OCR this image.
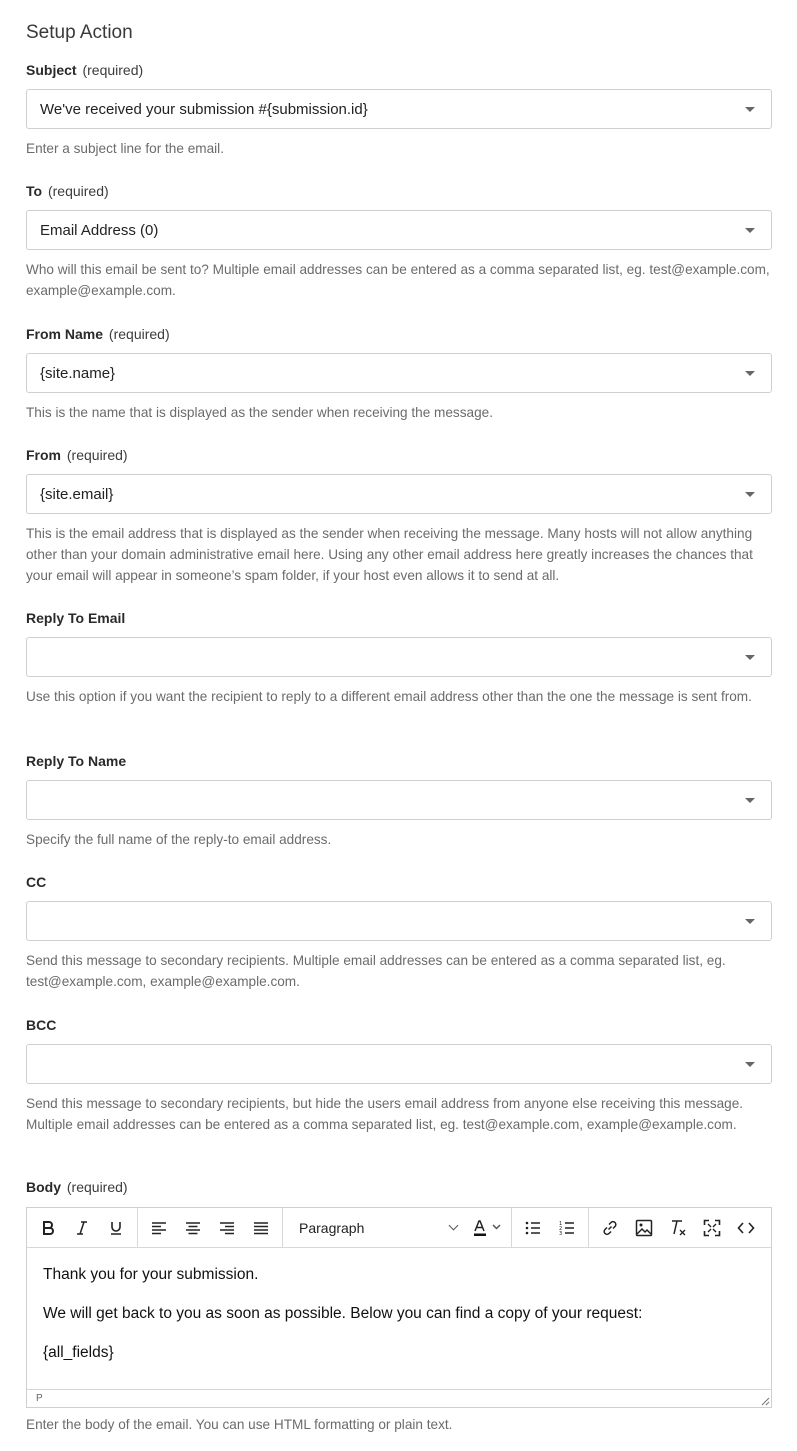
Setup Action
Subject (required)
We've received your submission #{submission.id}
Enter a subject line for the email.
To (required)
Email Address (0)
Who will this email be sent to? Multiple email addresses can be entered as a comma separated list, eg. test@example.com, example@example.com.
From Name (required)
{site.name}
This is the name that is displayed as the sender when receiving the message.
From (required)
{site.email}
This is the email address that is displayed as the sender when receiving the message. Many hosts will not allow anything other than your domain administrative email here. Using any other email address here greatly increases the chances that your email will appear in someone’s spam folder, if your host even allows it to send at all.
Reply To Email
Use this option if you want the recipient to reply to a different email address other than the one the message is sent from.
Reply To Name
Specify the full name of the reply-to email address.
CC
Send this message to secondary recipients. Multiple email addresses can be entered as a comma separated list, eg. test@example.com, example@example.com.
BCC
Send this message to secondary recipients, but hide the users email address from anyone else receiving this message. Multiple email addresses can be entered as a comma separated list, eg. test@example.com, example@example.com.
Body (required)
Paragraph	1
2
3

Thank you for your submission.

We will get back to you as soon as possible. Below you can find a copy of your request:

{all_fields}

P
Enter the body of the email. You can use HTML formatting or plain text.
